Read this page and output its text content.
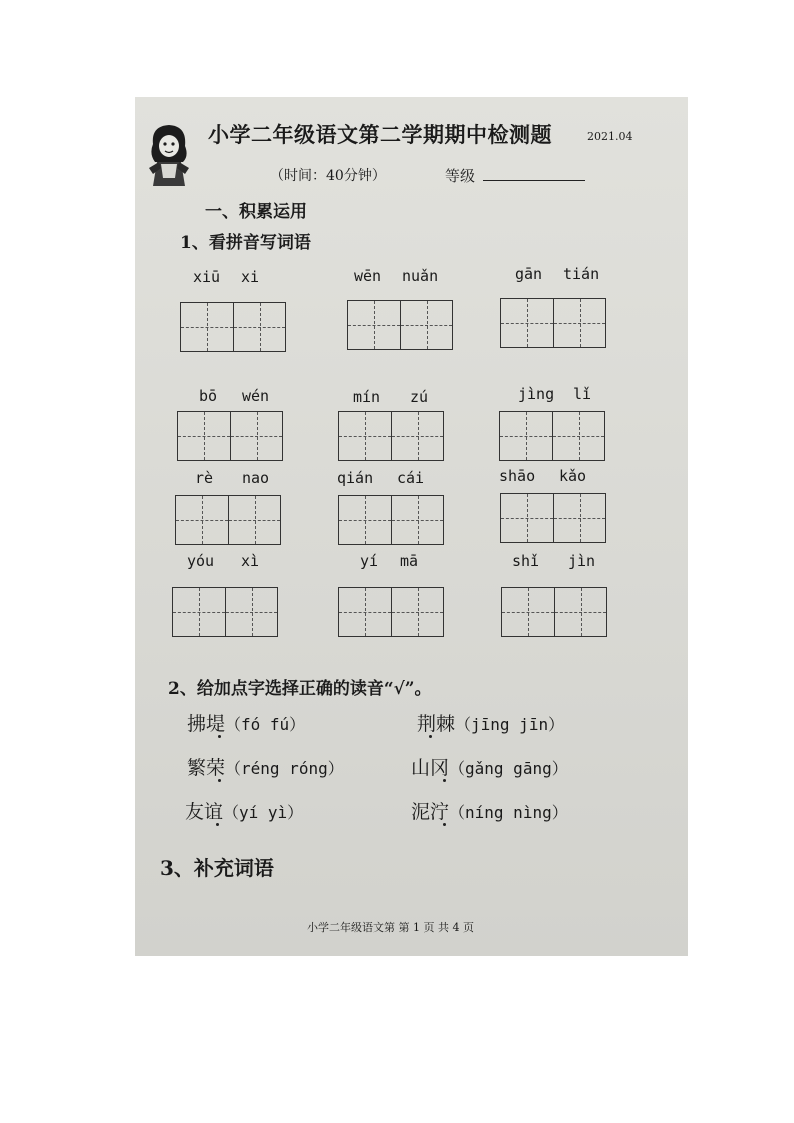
小学二年级语文第二学期期中检测题	2021.04
（时间：40分钟）	等级
一、积累运用
1、看拼音写词语
xiū xi	wēn nuǎn	gān tián
bō wén	mín zú	jìng lǐ
rè nao	qián cái	shāo kǎo
yóu xì	yí mā	shǐ jìn
2、给加点字选择正确的读音“√”。
拂堤（fó fú）	荆棘（jīng jīn）
繁荣（réng róng）	山冈（gǎng gāng）
友谊（yí yì）	泥泞（níng nìng）
3、补充词语
小学二年级语文第 第 1 页 共 4 页
